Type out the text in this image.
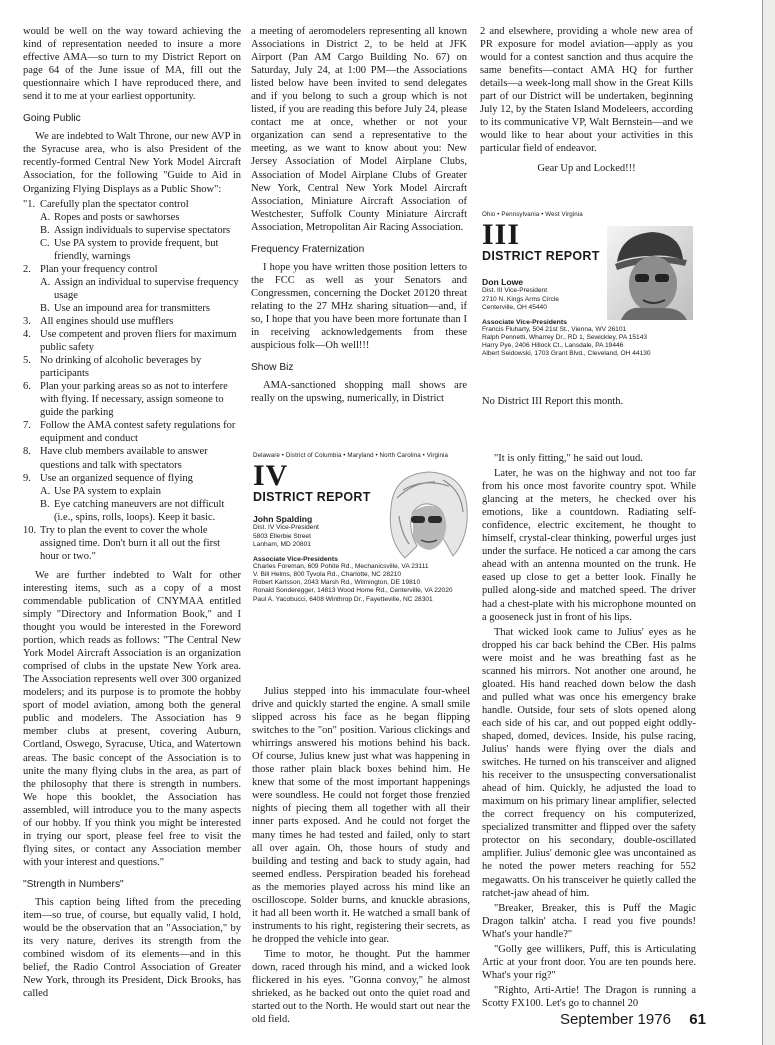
would be well on the way toward achieving the kind of representation needed to insure a more effective AMA—so turn to my District Report on page 64 of the June issue of MA, fill out the questionnaire which I have reproduced there, and send it to me at your earliest opportunity.

Going Public

We are indebted to Walt Throne, our new AVP in the Syracuse area, who is also President of the recently-formed Central New York Model Aircraft Association, for the following "Guide to Aid in Organizing Flying Displays as a Public Show":

"1. Carefully plan the spectator control
A. Ropes and posts or sawhorses
B. Assign individuals to supervise spectators
C. Use PA system to provide frequent, but friendly, warnings
2. Plan your frequency control
A. Assign an individual to supervise frequency usage
B. Use an impound area for transmitters
3. All engines should use mufflers
4. Use competent and proven fliers for maximum public safety
5. No drinking of alcoholic beverages by participants
6. Plan your parking areas so as not to interfere with flying. If necessary, assign someone to guide the parking
7. Follow the AMA contest safety regulations for equipment and conduct
8. Have club members available to answer questions and talk with spectators
9. Use an organized sequence of flying
A. Use PA system to explain
B. Eye catching maneuvers are not difficult (i.e., spins, rolls, loops). Keep it basic.
10. Try to plan the event to cover the whole assigned time. Don't burn it all out the first hour or two."

We are further indebted to Walt for other interesting items, such as a copy of a most commendable publication of CNYMAA entitled simply "Directory and Information Book," and I thought you would be interested in the Foreword portion, which reads as follows: "The Central New York Model Aircraft Association is an organization comprised of clubs in the upstate New York area. The Association represents well over 300 organized modelers; and its purpose is to promote the hobby sport of model aviation, among both the general public and modelers. The Association has 9 member clubs at present, covering Auburn, Cortland, Oswego, Syracuse, Utica, and Watertown areas. The basic concept of the Association is to unite the many flying clubs in the area, as part of the philosophy that there is strength in numbers. We hope this booklet, the Association has assembled, will introduce you to the many aspects of our hobby. If you think you might be interested in trying our sport, please feel free to visit the flying sites, or contact any Association member with your interest and questions."

"Strength in Numbers"

This caption being lifted from the preceding item—so true, of course, but equally valid, I hold, would be the observation that an "Association," by its very nature, derives its strength from the combined wisdom of its elements—and in this belief, the Radio Control Association of Greater New York, through its President, Dick Brooks, has called

a meeting of aeromodelers representing all known Associations in District 2, to be held at JFK Airport (Pan AM Cargo Building No. 67) on Saturday, July 24, at 1:00 PM—the Associations listed below have been invited to send delegates and if you belong to such a group which is not listed, if you are reading this before July 24, please contact me at once, whether or not your organization can send a representative to the meeting, as we want to know about you: New Jersey Association of Model Airplane Clubs, Association of Model Airplane Clubs of Greater New York, Central New York Model Aircraft Association, Miniature Aircraft Association of Westchester, Suffolk County Miniature Aircraft Association, Metropolitan Air Racing Association.

Frequency Fraternization

I hope you have written those position letters to the FCC as well as your Senators and Congressmen, concerning the Docket 20120 threat relating to the 27 MHz sharing situation—and, if so, I hope that you have been more fortunate than I in receiving acknowledgements from these auspicious folk—Oh well!!!

Show Biz

AMA-sanctioned shopping mall shows are really on the upswing, numerically, in District

2 and elsewhere, providing a whole new area of PR exposure for model aviation—apply as you would for a contest sanction and thus acquire the same benefits—contact AMA HQ for further details—a week-long mall show in the Great Kills part of our District will be undertaken, beginning July 12, by the Staten Island Modeleers, according to its communicative VP, Walt Bernstein—and we would like to hear about your activities in this particular field of endeavor.

Gear Up and Locked!!!

Ohio • Pennsylvania • West Virginia
III
DISTRICT REPORT
Don Lowe
Dist. III Vice-President
2710 N. Kings Arms Circle
Centerville, OH 45440
Associate Vice-Presidents
Francis Fluharty, 504 21st St., Vienna, WV 26101
Ralph Pennetti, Wharrey Dr., RD 1, Sewickley, PA 15143
Harry Pye, 2406 Hillock Ct., Lansdale, PA 19446
Albert Seidowski, 1703 Grant Blvd., Cleveland, OH 44130

No District III Report this month.

Delaware • District of Columbia • Maryland • North Carolina • Virginia
IV
DISTRICT REPORT
John Spalding
Dist. IV Vice-President
5803 Ellerbie Street
Lanham, MD 20801
Associate Vice-Presidents
Charles Foreman, 609 Pohite Rd., Mechanicsville, VA 23111
V. Bill Helms, 800 Tyvola Rd., Charlotte, NC 28210
Robert Karlsson, 2043 Marsh Rd., Wilmington, DE 19810
Ronald Sonderegger, 14813 Wood Home Rd., Centerville, VA 22020
Paul A. Yacobucci, 6408 Winthrop Dr., Fayetteville, NC 28301

Julius stepped into his immaculate four-wheel drive and quickly started the engine. A small smile slipped across his face as he began flipping switches to the "on" position. Various clickings and whirrings answered his motions behind his back. Of course, Julius knew just what was happening in those rather plain black boxes behind him. He knew that some of the most important happenings were soundless. He could not forget those frenzied nights of piecing them all together with all their inner parts exposed. And he could not forget the many times he had tested and failed, only to start all over again. Oh, those hours of study and building and testing and back to study again, had seemed endless. Perspiration beaded his forehead as the memories played across his mind like an oscilloscope. Solder burns, and knuckle abrasions, it had all been worth it. He watched a small bank of instruments to his right, registering their secrets, as he dropped the vehicle into gear.

Time to motor, he thought. Put the hammer down, raced through his mind, and a wicked look flickered in his eyes. "Gonna convoy," he almost shrieked, as he backed out onto the quiet road and started out to the North. He would start out near the old field.

"It is only fitting," he said out loud.

Later, he was on the highway and not too far from his once most favorite country spot. While glancing at the meters, he checked over his emotions, like a countdown. Radiating self-confidence, electric excitement, he thought to himself, crystal-clear thinking, powerful urges just under the surface. He noticed a car among the cars ahead with an antenna mounted on the trunk. He eased up close to get a better look. Finally he pulled along-side and matched speed. The driver had a chest-plate with his microphone mounted on a gooseneck just in front of his lips.

That wicked look came to Julius' eyes as he dropped his car back behind the CBer. His palms were moist and he was breathing fast as he scanned his mirrors. Not another one around, he gloated. His hand reached down below the dash and pulled what was once his emergency brake handle. Outside, four sets of slots opened along each side of his car, and out popped eight oddly-shaped, domed, devices. Inside, his pulse racing, Julius' hands were flying over the dials and switches. He turned on his transceiver and aligned his receiver to the unsuspecting conversationalist ahead of him. Quickly, he adjusted the load to maximum on his primary linear amplifier, selected the correct frequency on his computerized, specialized transmitter and flipped over the safety protector on his secondary, double-oscillated amplifier. Julius' demonic glee was uncontained as he noted the power meters reaching for 552 megawatts. On his transceiver he quietly called the ratchet-jaw ahead of him.

"Breaker, Breaker, this is Puff the Magic Dragon talkin' atcha. I read you five pounds! What's your handle?"

"Golly gee willikers, Puff, this is Articulating Artic at your front door. You are ten pounds here. What's your rig?"

"Righto, Arti-Artie! The Dragon is running a Scotty FX100. Let's go to channel 20

September 1976 61
